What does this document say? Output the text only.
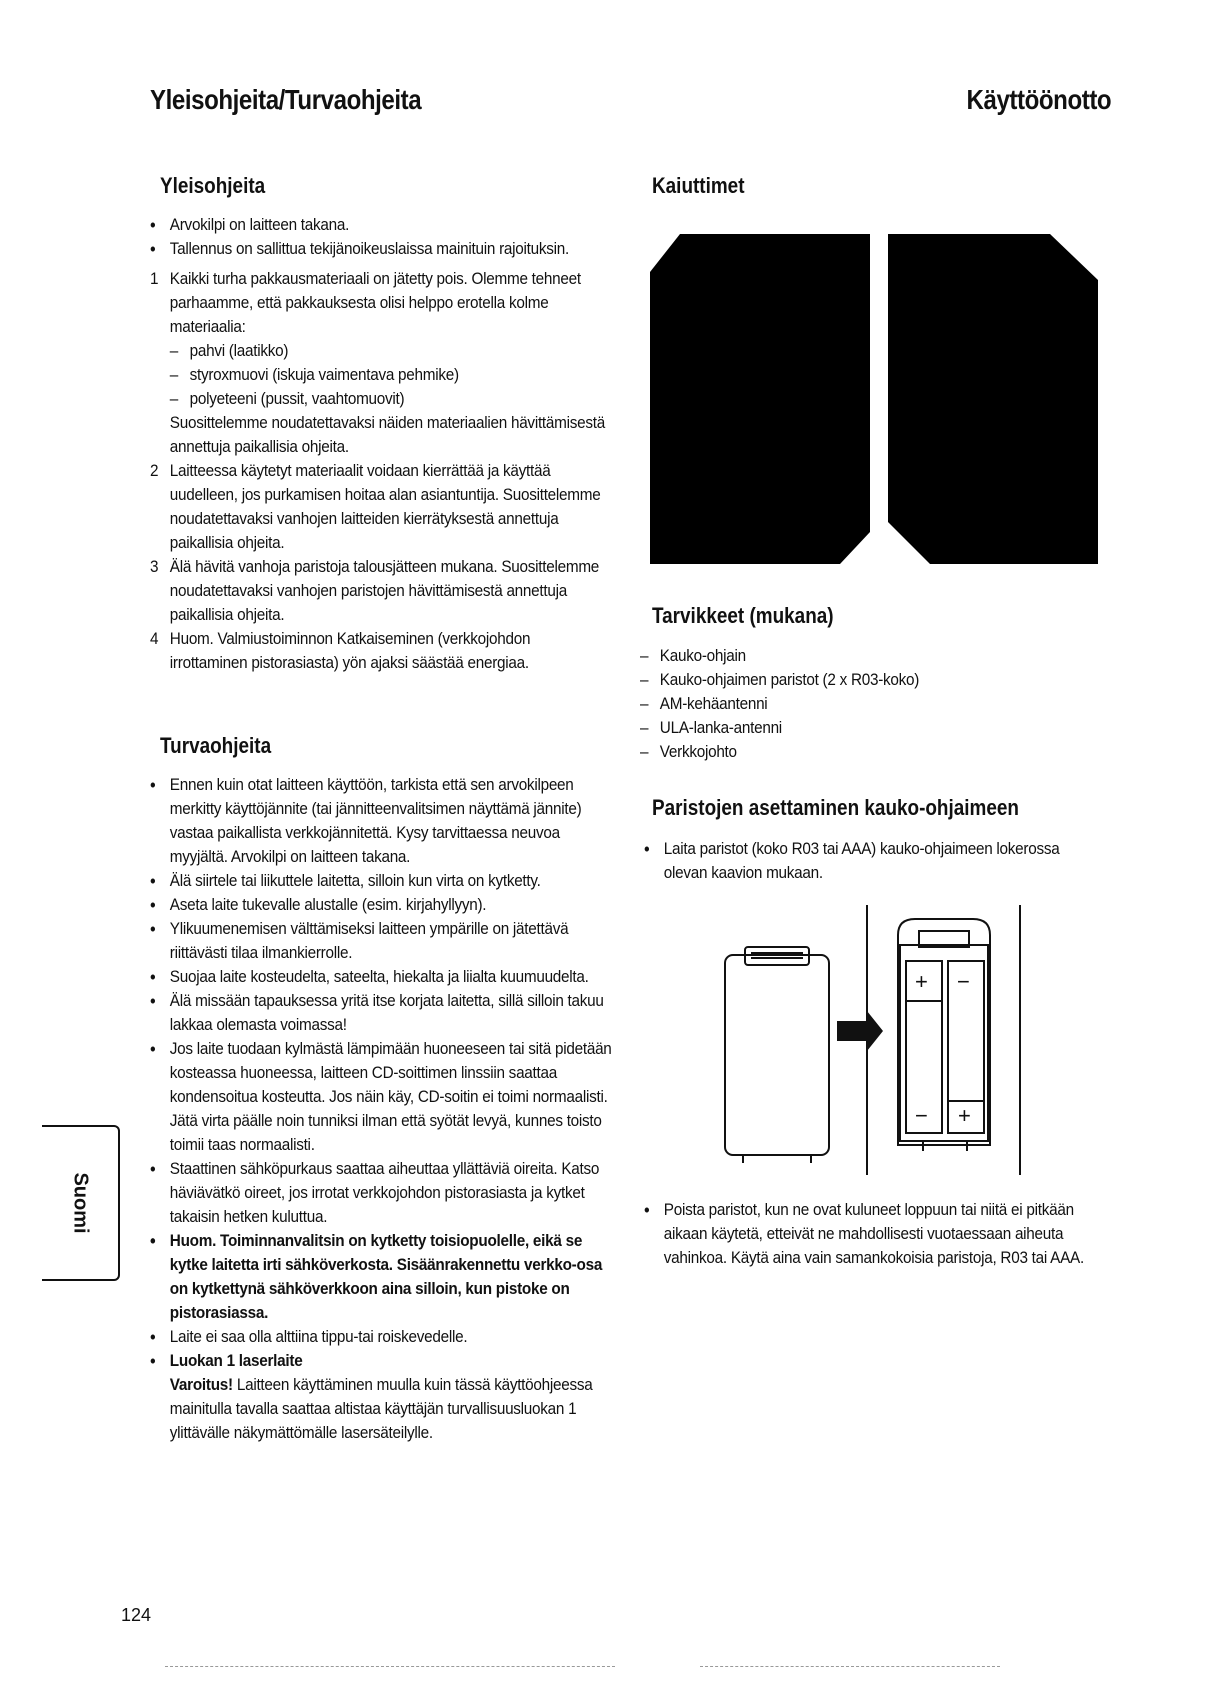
Yleisohjeita/Turvaohjeita	Käyttöönotto
Yleisohjeita
• Arvokilpi on laitteen takana.
• Tallennus on sallittua tekijänoikeuslaissa mainituin rajoituksin.
1 Kaikki turha pakkausmateriaali on jätetty pois. Olemme tehneet parhaamme, että pakkauksesta olisi helppo erotella kolme materiaalia:
– pahvi (laatikko)
– styroxmuovi (iskuja vaimentava pehmike)
– polyeteeni (pussit, vaahtomuovit)
Suosittelemme noudatettavaksi näiden materiaalien hävittämisestä annettuja paikallisia ohjeita.
2 Laitteessa käytetyt materiaalit voidaan kierrättää ja käyttää uudelleen, jos purkamisen hoitaa alan asiantuntija. Suosittelemme noudatettavaksi vanhojen laitteiden kierrätyksestä annettuja paikallisia ohjeita.
3 Älä hävitä vanhoja paristoja talousjätteen mukana. Suosittelemme noudatettavaksi vanhojen paristojen hävittämisestä annettuja paikallisia ohjeita.
4 Huom. Valmiustoiminnon Katkaiseminen (verkkojohdon irrottaminen pistorasiasta) yön ajaksi säästää energiaa.
Turvaohjeita
• Ennen kuin otat laitteen käyttöön, tarkista että sen arvokilpeen merkitty käyttöjännite (tai jännitteenvalitsimen näyttämä jännite) vastaa paikallista verkkojännitettä. Kysy tarvittaessa neuvoa myyjältä. Arvokilpi on laitteen takana.
• Älä siirtele tai liikuttele laitetta, silloin kun virta on kytketty.
• Aseta laite tukevalle alustalle (esim. kirjahyllyyn).
• Ylikuumenemisen välttämiseksi laitteen ympärille on jätettävä riittävästi tilaa ilmankierrolle.
• Suojaa laite kosteudelta, sateelta, hiekalta ja liialta kuumuudelta.
• Älä missään tapauksessa yritä itse korjata laitetta, sillä silloin takuu lakkaa olemasta voimassa!
• Jos laite tuodaan kylmästä lämpimään huoneeseen tai sitä pidetään kosteassa huoneessa, laitteen CD-soittimen linssiin saattaa kondensoitua kosteutta. Jos näin käy, CD-soitin ei toimi normaalisti. Jätä virta päälle noin tunniksi ilman että syötät levyä, kunnes toisto toimii taas normaalisti.
• Staattinen sähköpurkaus saattaa aiheuttaa yllättäviä oireita. Katso häviävätkö oireet, jos irrotat verkkojohdon pistorasiasta ja kytket takaisin hetken kuluttua.
• Huom. Toiminnanvalitsin on kytketty toisiopuolelle, eikä se kytke laitetta irti sähköverkosta. Sisäänrakennettu verkko-osa on kytkettynä sähköverkkoon aina silloin, kun pistoke on pistorasiassa.
• Laite ei saa olla alttiina tippu-tai roiskevedelle.
• Luokan 1 laserlaite
Varoitus! Laitteen käyttäminen muulla kuin tässä käyttöohjeessa mainitulla tavalla saattaa altistaa käyttäjän turvallisuusluokan 1 ylittävälle näkymättömälle lasersäteilylle.
Suomi
124
Kaiuttimet
Tarvikkeet (mukana)
– Kauko-ohjain
– Kauko-ohjaimen paristot (2 x R03-koko)
– AM-kehäantenni
– ULA-lanka-antenni
– Verkkojohto
Paristojen asettaminen kauko-ohjaimeen
• Laita paristot (koko R03 tai AAA) kauko-ohjaimeen lokerossa olevan kaavion mukaan.
+ −
− +
• Poista paristot, kun ne ovat kuluneet loppuun tai niitä ei pitkään aikaan käytetä, etteivät ne mahdollisesti vuotaessaan aiheuta vahinkoa. Käytä aina vain samankokoisia paristoja, R03 tai AAA.
